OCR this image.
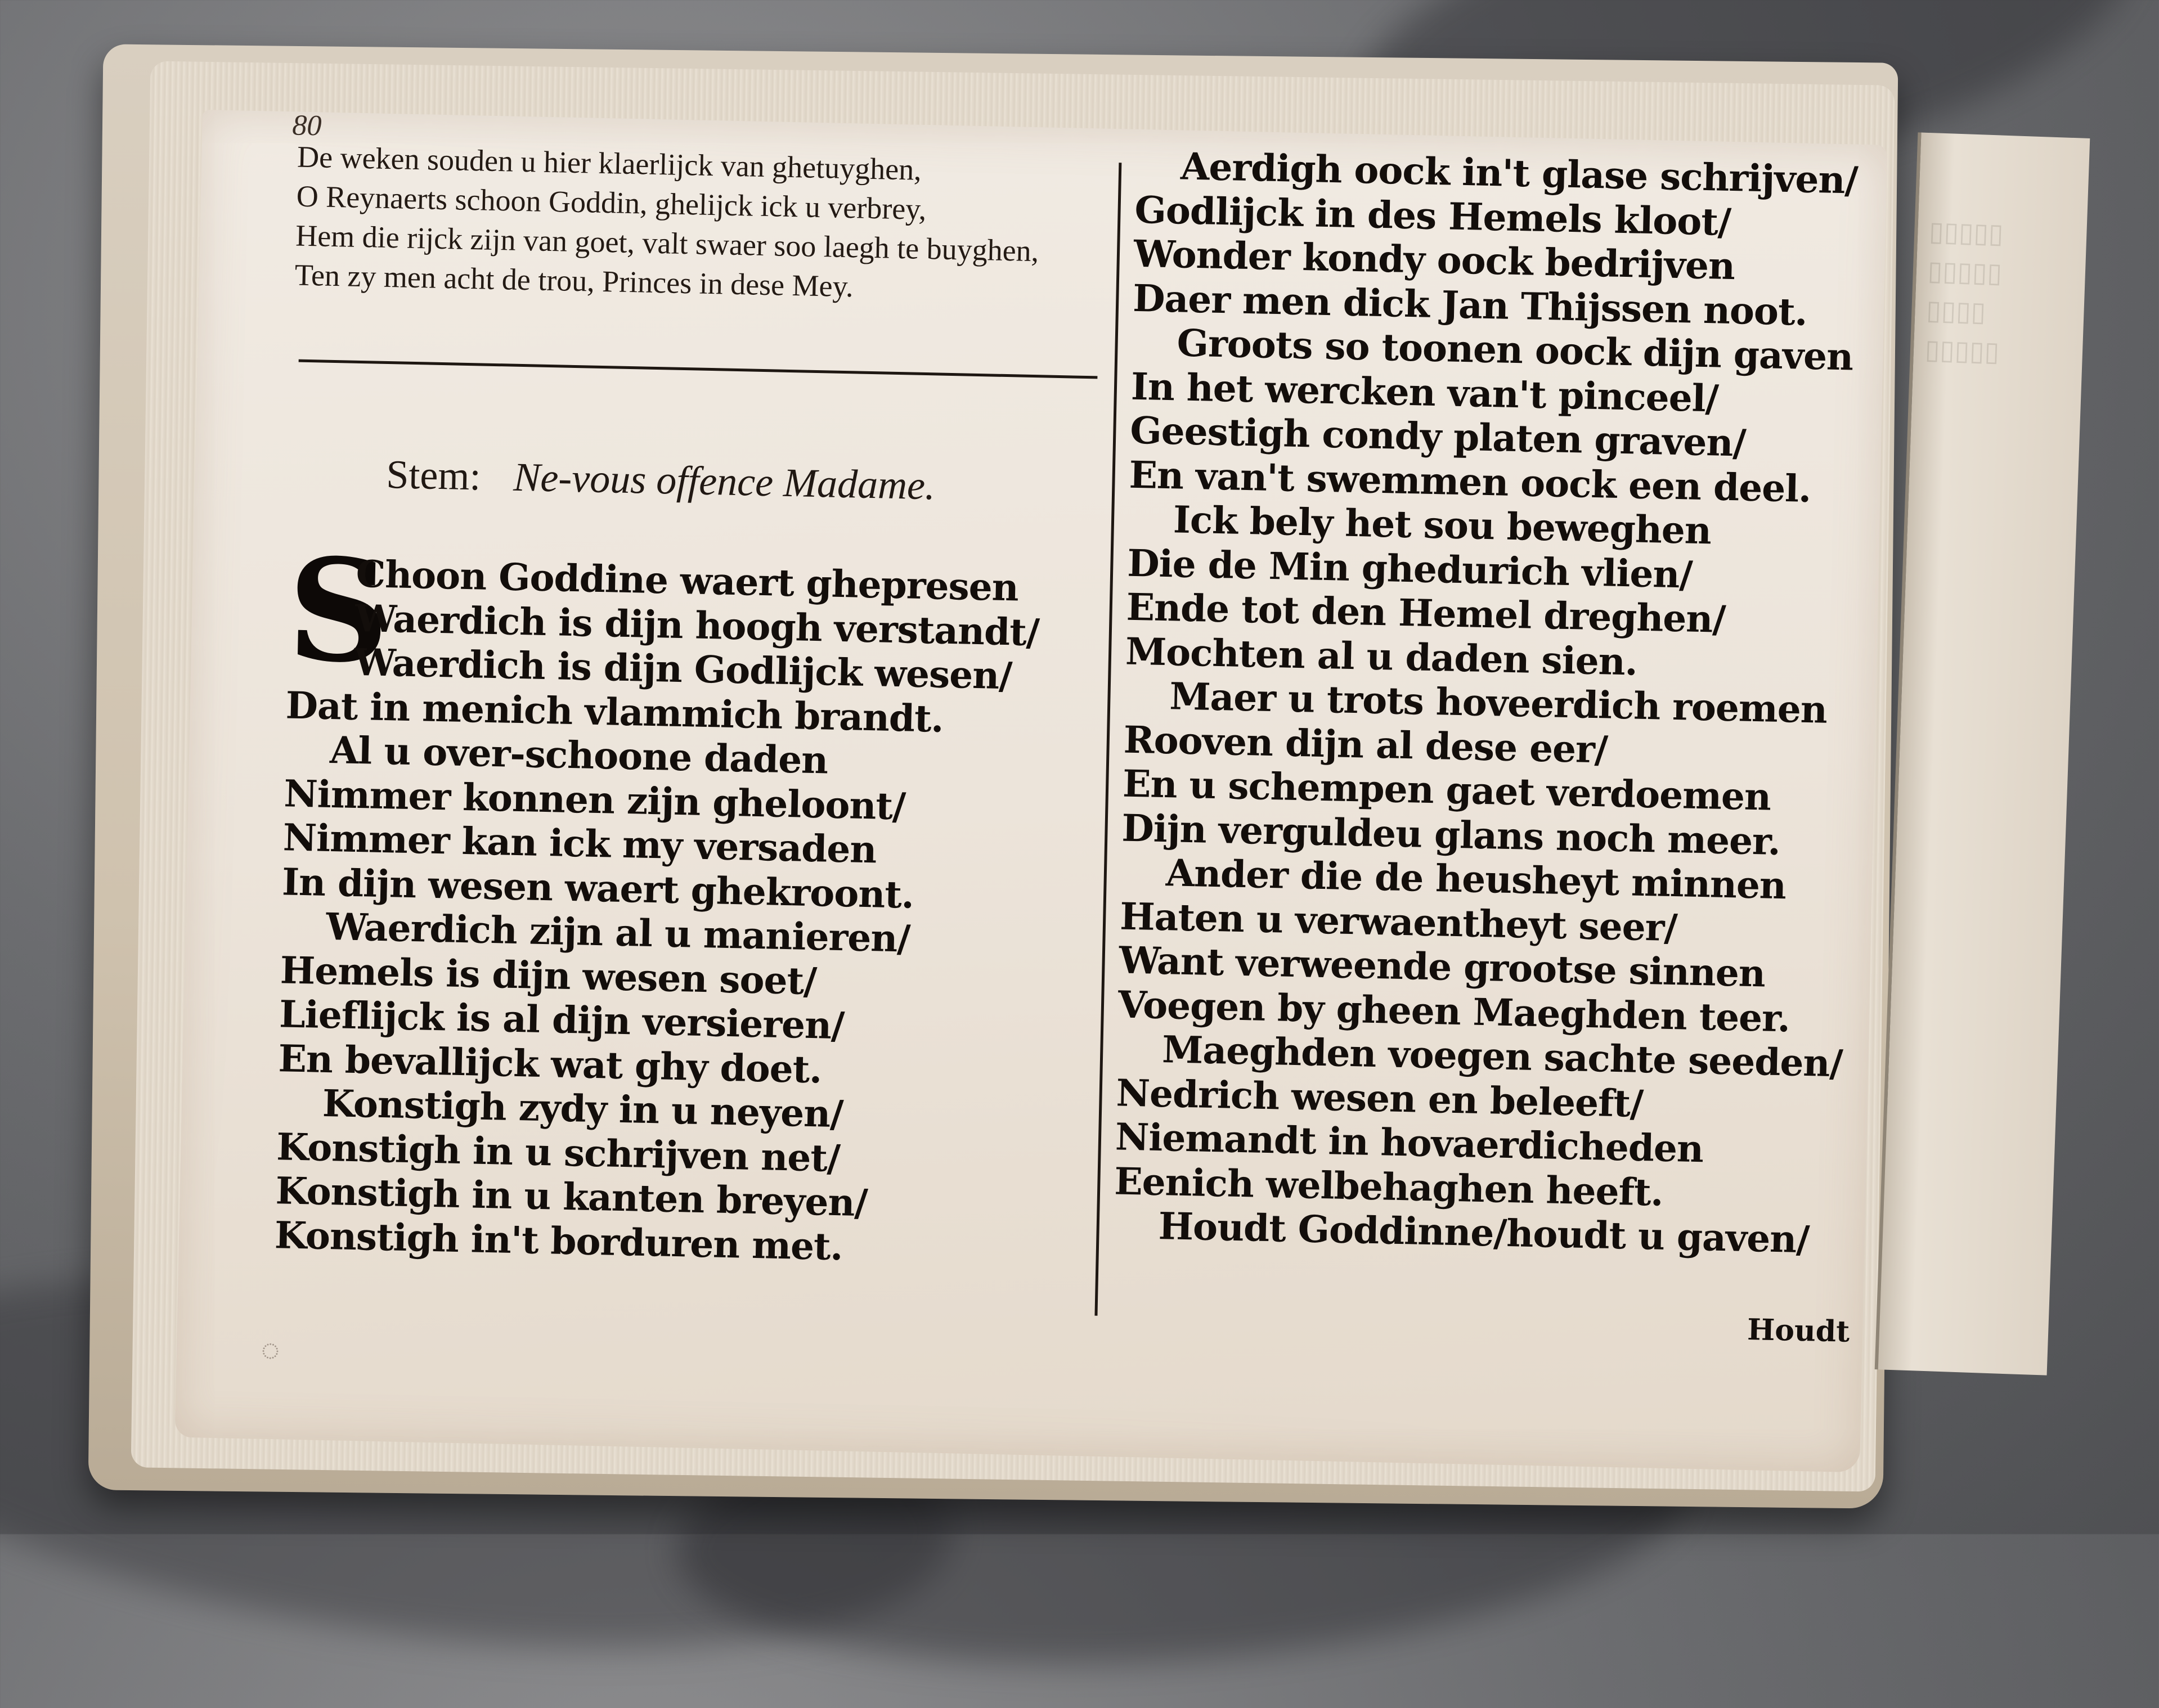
▯▯▯▯▯
▯▯▯▯▯
▯▯▯▯
▯▯▯▯▯
80
De weken souden u hier klaerlijck van ghetuyghen,
O Reynaerts schoon Goddin, ghelijck ick u verbrey,
Hem die rijck zijn van goet, valt swaer soo laegh te buyghen,
Ten zy men acht de trou, Princes in dese Mey.
Stem: Ne-vous offence Madame.
S
Choon Goddine waert ghepresen
Waerdich is dijn hoogh verstandt/
Waerdich is dijn Godlijck wesen/
Dat in menich vlammich brandt.
Al u over-schoone daden
Nimmer konnen zijn gheloont/
Nimmer kan ick my versaden
In dijn wesen waert ghekroont.
Waerdich zijn al u manieren/
Hemels is dijn wesen soet/
Lieflijck is al dijn versieren/
En bevallijck wat ghy doet.
Konstigh zydy in u neyen/
Konstigh in u schrijven net/
Konstigh in u kanten breyen/
Konstigh in't borduren met.
Aerdigh oock in't glase schrijven/
Godlijck in des Hemels kloot/
Wonder kondy oock bedrijven
Daer men dick Jan Thijssen noot.
Groots so toonen oock dijn gaven
In het wercken van't pinceel/
Geestigh condy platen graven/
En van't swemmen oock een deel.
Ick bely het sou beweghen
Die de Min ghedurich vlien/
Ende tot den Hemel dreghen/
Mochten al u daden sien.
Maer u trots hoveerdich roemen
Rooven dijn al dese eer/
En u schempen gaet verdoemen
Dijn verguldeu glans noch meer.
Ander die de heusheyt minnen
Haten u verwaentheyt seer/
Want verweende grootse sinnen
Voegen by gheen Maeghden teer.
Maeghden voegen sachte seeden/
Nedrich wesen en beleeft/
Niemandt in hovaerdicheden
Eenich welbehaghen heeft.
Houdt Goddinne/houdt u gaven/
Houdt
◌
